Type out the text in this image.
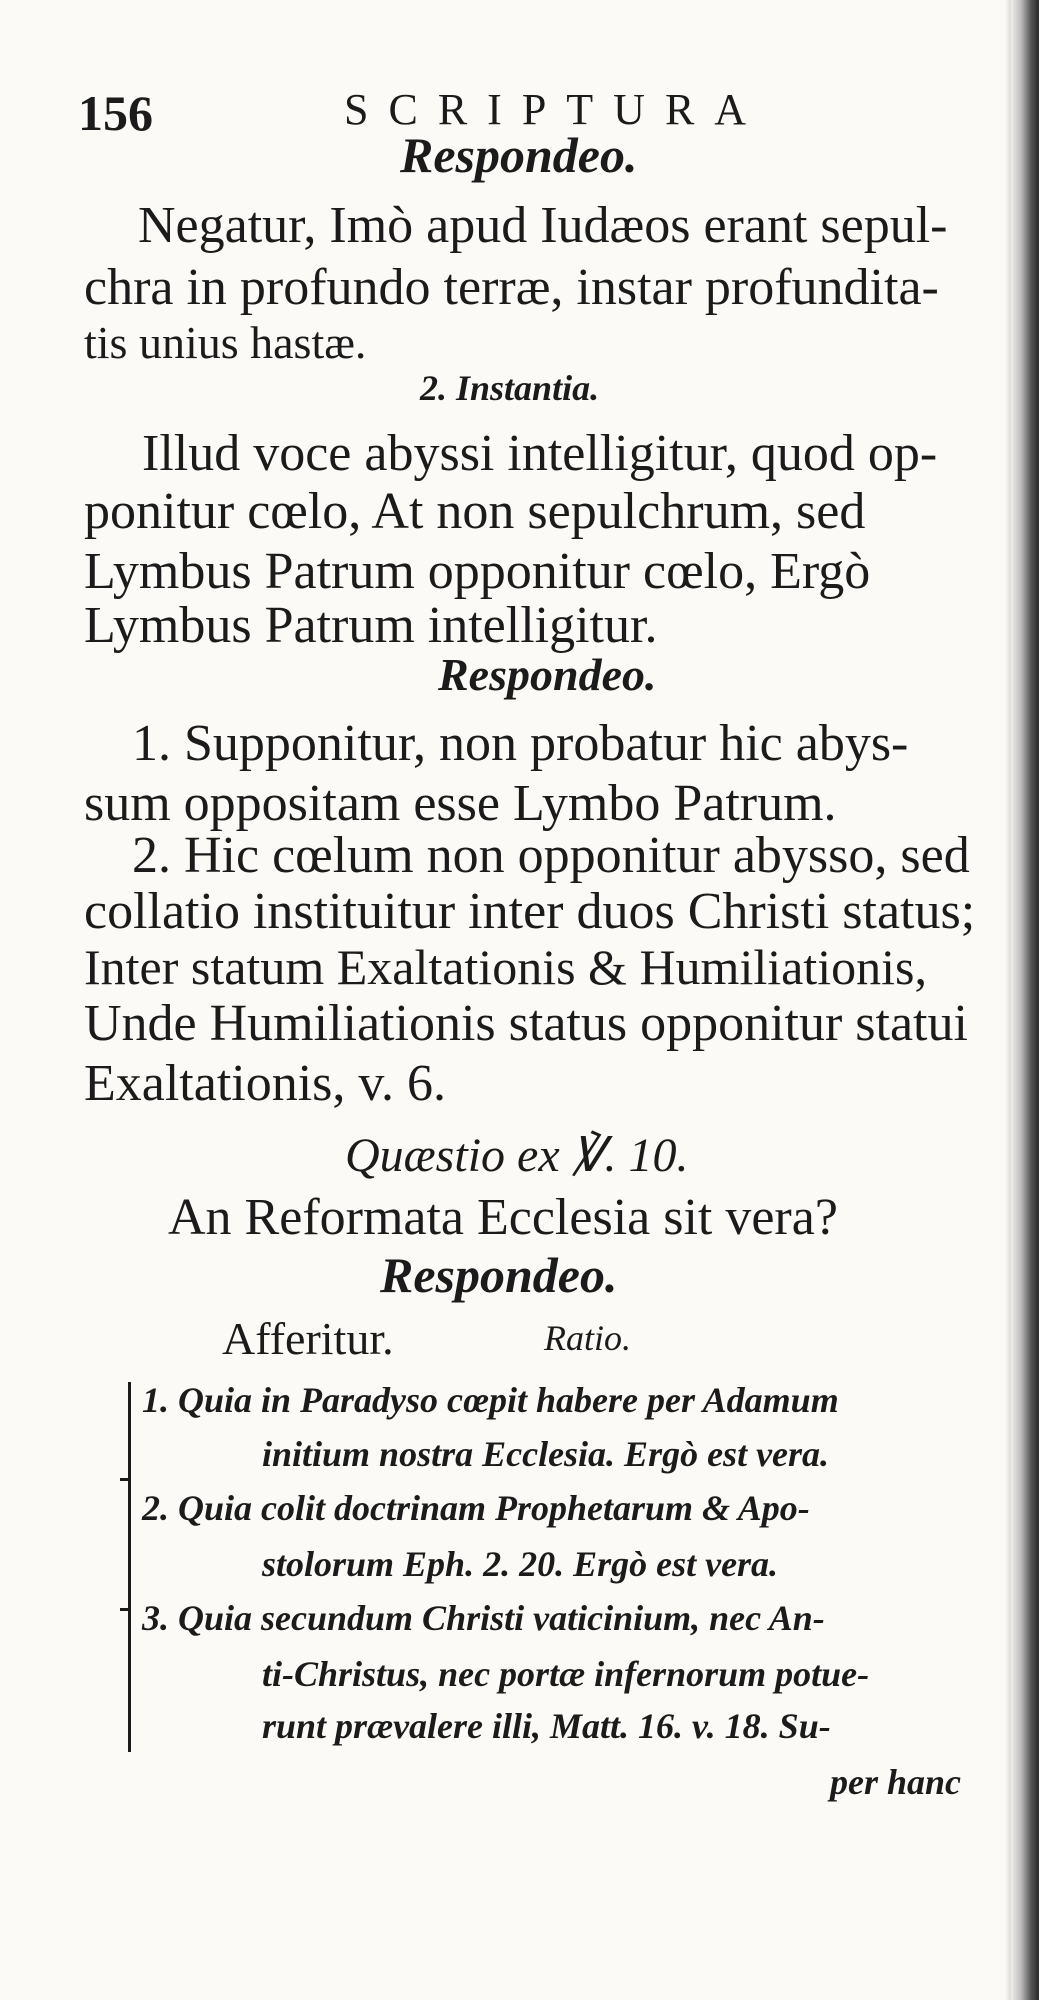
156	SCRIPTURA
Respondeo.
Negatur, Imò apud Iudæos erant sepul-
chra in profundo terræ, instar profundita-
tis unius hastæ.
2. Instantia.
Illud voce abyssi intelligitur, quod op-
ponitur cœlo, At non sepulchrum, sed
Lymbus Patrum opponitur cœlo, Ergò
Lymbus Patrum intelligitur.
Respondeo.
1. Supponitur, non probatur hic abys-
sum oppositam esse Lymbo Patrum.
2. Hic cœlum non opponitur abysso, sed
collatio instituitur inter duos Christi status;
Inter statum Exaltationis & Humiliationis,
Unde Humiliationis status opponitur statui
Exaltationis, v. 6.
Quæstio ex ℣. 10.
An Reformata Ecclesia sit vera?
Respondeo.
Afferitur.	Ratio.
1. Quia in Paradyso cœpit habere per Adamum
initium nostra Ecclesia. Ergò est vera.
2. Quia colit doctrinam Prophetarum & Apo-
stolorum Eph. 2. 20. Ergò est vera.
3. Quia secundum Christi vaticinium, nec An-
ti-Christus, nec portæ infernorum potue-
runt prævalere illi, Matt. 16. v. 18. Su-
per hanc
